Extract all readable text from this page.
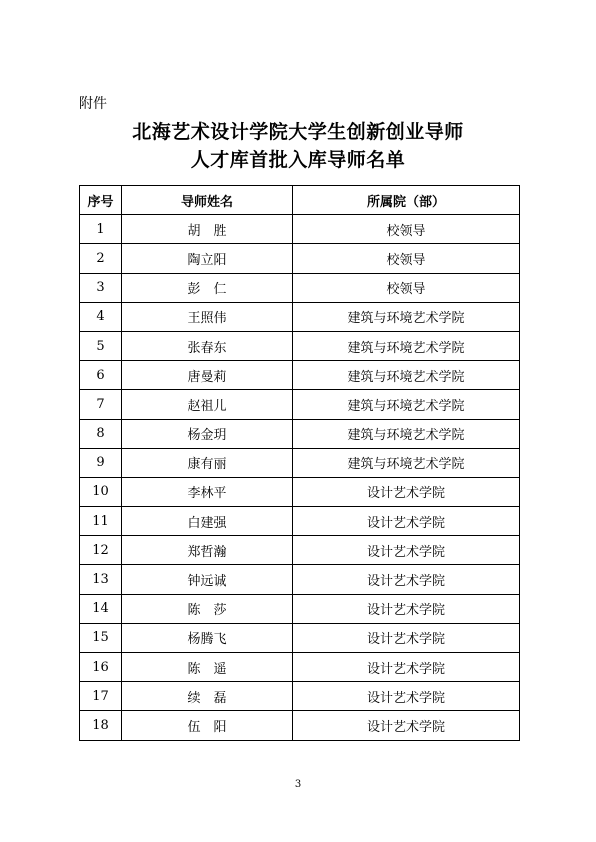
附件
北海艺术设计学院大学生创新创业导师
人才库首批入库导师名单
序号	导师姓名	所属院（部）
1	胡　胜	校领导
2	陶立阳	校领导
3	彭　仁	校领导
4	王照伟	建筑与环境艺术学院
5	张春东	建筑与环境艺术学院
6	唐曼莉	建筑与环境艺术学院
7	赵祖儿	建筑与环境艺术学院
8	杨金玥	建筑与环境艺术学院
9	康有丽	建筑与环境艺术学院
10	李林平	设计艺术学院
11	白建强	设计艺术学院
12	郑哲瀚	设计艺术学院
13	钟远诚	设计艺术学院
14	陈　莎	设计艺术学院
15	杨腾飞	设计艺术学院
16	陈　遥	设计艺术学院
17	续　磊	设计艺术学院
18	伍　阳	设计艺术学院
3
